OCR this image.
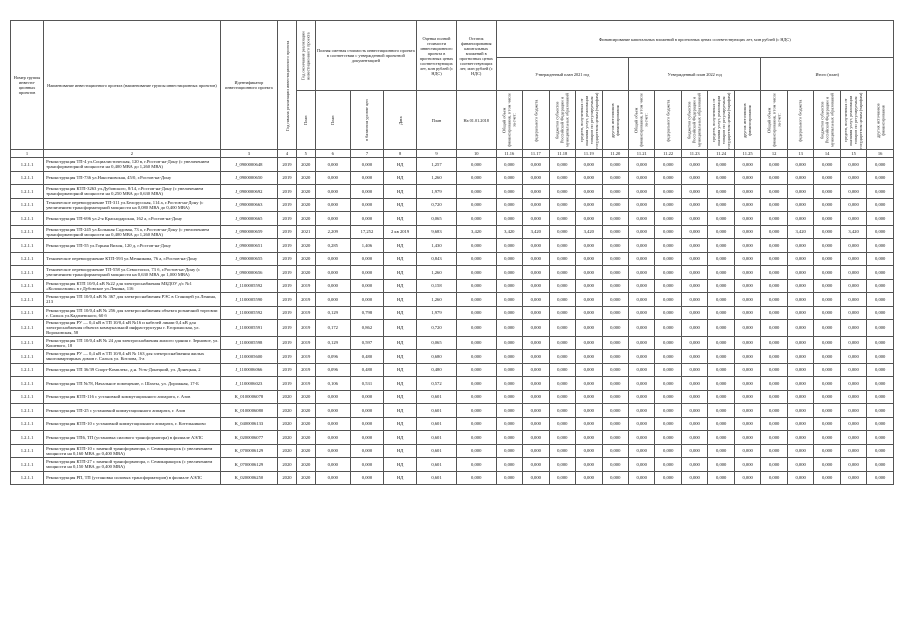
Номер группы инвести-ционных проектов	Наименование инвестиционного проекта (наименование группы инвестиционных проектов)	Идентификатор инвестиционного проекта	Год начала реализации инвестиционного проекта	Год окончания реализации инвестиционного проекта	Полная сметная стоимость инвестиционного проекта в соответствии с утвержденной проектной документацией			Оценка полной стоимости инвестиционного проекта в прогнозных ценах соответствующих лет, млн рублей (с НДС)	Остаток финансирования капитальных вложений в прогнозных ценах соответствующих лет, млн рублей (с НДС)	Финансирование капитальных вложений в прогнозных ценах соответствующих лет, млн рублей (с НДС)														
										Утвержденный план 2021 год					Утвержденный план 2022 год					Итого (план)				
				План	План	в базисном уровне цен	Дата	План	На 01.01.2018	Общий объем финансирования, в том числе за счет:	федерального бюджета	бюджетов субъектов Российской Федерации и муниципальных образований	средств, полученных от оказания услуг, реализации товаров по регулируемым государством ценам (тарифам)	других источников финансирования	Общий объем финансирования, в том числе за счет:	федерального бюджета	бюджетов субъектов Российской Федерации и муниципальных образований	средств, полученных от оказания услуг, реализации товаров по регулируемым государством ценам (тарифам)	других источников финансирования	Общий объем финансирования, в том числе за счет:	федерального бюджета	бюджетов субъектов Российской Федерации и муниципальных образований	средств, полученных от оказания услуг, реализации товаров по регулируемым государством ценам (тарифам)	других источников финансирования
1	2	3	4	5	6	7	8	9	10	11.16	11.17	11.18	11.19	11.20	11.21	11.22	11.23	11.24	11.25	12	13	14	15	16
1.2.1.1	Реконструкция ТП-4 ул.Социалистическая, 120 в, г.Ростов-на-Дону (с увеличением трансформаторной мощности на 0,400 МВА до 1,260 МВА)	J_0900000648	2019	2020	0,000	0,000	НД	1,257	0,000	0,000	0,000	0,000	0,000	0,000	0,000	0,000	0,000	0,000	0,000	0,000	0,000	0,000	0,000	0,000
1.2.1.1	Реконструкция ТП-736 ул.Нансеновская, 45/0, г.Ростов-на-Дону	J_0900000650	2019	2020	0,000	0,000	НД	1,260	0,000	0,000	0,000	0,000	0,000	0,000	0,000	0,000	0,000	0,000	0,000	0,000	0,000	0,000	0,000	0,000
1.2.1.1	Реконструкция КТП-3263 ул.Дубовского, 8/14, г.Ростов-на-Дону (с увеличением трансформаторной мощности на 0,250 МВА до 0,630 МВА)	J_0900000692	2019	2020	0,000	0,000	НД	1,979	0,000	0,000	0,000	0,000	0,000	0,000	0,000	0,000	0,000	0,000	0,000	0,000	0,000	0,000	0,000	0,000
1.2.1.1	Техническое перевооружение ТП-311 ул.Белорусская, 114 а, г.Ростов-на-Дону (с увеличением трансформаторной мощности на 0,080 МВА до 0,400 МВА)	J_0900000663	2019	2020	0,000	0,000	НД	0,720	0,000	0,000	0,000	0,000	0,000	0,000	0,000	0,000	0,000	0,000	0,000	0,000	0,000	0,000	0,000	0,000
1.2.1.1	Реконструкция ТП-696 ул.2-я Краснодарская, 162 а, г.Ростов-на-Дону	J_0900000665	2019	2020	0,000	0,000	НД	0,065	0,000	0,000	0,000	0,000	0,000	0,000	0,000	0,000	0,000	0,000	0,000	0,000	0,000	0,000	0,000	0,000
1.2.1.1	Реконструкция ТП-245 ул.Большая Садовая, 73 а, г.Ростов-на-Дону (с увеличением трансформаторной мощности на 0,400 МВА до 1,260 МВА)	J_0900000659	2019	2021	2,209	17,252	2 кв 2019	9,683	3,420	3,420	3,420	0,000	3,420	0,000	0,000	0,000	0,000	0,000	0,000	0,000	3,420	0,000	3,420	0,000
1.2.1.1	Реконструкция ТП-55 ул.Горная Вихон, 120 д, г.Ростов-на-Дону	J_0900000651	2019	2020	0,285	1,406	НД	1,430	0,000	0,000	0,000	0,000	0,000	0,000	0,000	0,000	0,000	0,000	0,000	0,000	0,000	0,000	0,000	0,000
1.2.1.1	Техническое перевооружение КТП-593 ул.Мечникова, 76 а, г.Ростов-на-Дону	J_0900000655	2019	2020	0,000	0,000	НД	0,843	0,000	0,000	0,000	0,000	0,000	0,000	0,000	0,000	0,000	0,000	0,000	0,000	0,000	0,000	0,000	0,000
1.2.1.1	Техническое перевооружение ТП-558 ул.Севастопол, 73 б, г.Ростов-на-Дону (с увеличением трансформаторной мощности на 0,630 МВА до 1,000 МВА)	J_0900000656	2019	2020	0,000	0,000	НД	1,260	0,000	0,000	0,000	0,000	0,000	0,000	0,000	0,000	0,000	0,000	0,000	0,000	0,000	0,000	0,000	0,000
1.2.1.1	Реконструкция КТП 10/0,4 кВ №22 для электроснабжения МБДОУ д/с №1 «Колокольчик» в г.Дубовское ул.Ленина, 116	J_1100005592	2019	2019	0,000	0,000	НД	0,158	0,000	0,000	0,000	0,000	0,000	0,000	0,000	0,000	0,000	0,000	0,000	0,000	0,000	0,000	0,000	0,000
1.2.1.1	Реконструкция ТП 10/0,4 кВ № 367 для электроснабжения РЭС в Станицей ул.Ленина, 213	J_1100005590	2019	2019	0,000	0,000	НД	1,260	0,000	0,000	0,000	0,000	0,000	0,000	0,000	0,000	0,000	0,000	0,000	0,000	0,000	0,000	0,000	0,000
1.2.1.1	Реконструкция ТП 10/0,4 кВ № 256 для электроснабжения объекта розничной торговли г. Сальск ул.Кадачевского, 60 б	J_1100005592	2019	2019	0,129	0,798	НД	1,979	0,000	0,000	0,000	0,000	0,000	0,000	0,000	0,000	0,000	0,000	0,000	0,000	0,000	0,000	0,000	0,000
1.2.1.1	Реконструкция РУ — 0,4 кВ в ТП 10/0,4 кВ №16 и кабелей линии 0,4 кВ для электроснабжения объекта коммунальной инфраструктуры г. Егорлыкская, ул. Вороновская, 58	J_1100005591	2019	2019	0,172	0,862	НД	0,720	0,000	0,000	0,000	0,000	0,000	0,000	0,000	0,000	0,000	0,000	0,000	0,000	0,000	0,000	0,000	0,000
1.2.1.1	Реконструкция ТП 10/0,4 кВ № 24 для электроснабжения жилого здания г. Зерновое, ул. Кошевого, 18	J_1100005598	2019	2019	0,129	0,597	НД	0,065	0,000	0,000	0,000	0,000	0,000	0,000	0,000	0,000	0,000	0,000	0,000	0,000	0,000	0,000	0,000	0,000
1.2.1.1	Реконструкция РУ — 0,4 кВ в ТП 10/0,4 кВ № 163 для электроснабжения жилых многоквартирных домов г. Сальск ул. Котлова, 3-а	J_1100005600	2019	2019	0,096	0,480	НД	0,680	0,000	0,000	0,000	0,000	0,000	0,000	0,000	0,000	0,000	0,000	0,000	0,000	0,000	0,000	0,000	0,000
1.2.1.1	Реконструкция ТП 36/39 Спорт-Комплекс, д.н. Усть-Донецкий, ул. Донецкая, 2	J_1100006066	2019	2019	0,096	0,480	НД	0,480	0,000	0,000	0,000	0,000	0,000	0,000	0,000	0,000	0,000	0,000	0,000	0,000	0,000	0,000	0,000	0,000
1.2.1.1	Реконструкция ТП №78, Начальное помещение, г. Шахты, ул. Дорожная, 17-Б	J_1100006023	2019	2019	0,106	0,531	НД	0,572	0,000	0,000	0,000	0,000	0,000	0,000	0,000	0,000	0,000	0,000	0,000	0,000	0,000	0,000	0,000	0,000
1.2.1.1	Реконструкция КТП-116 с установкой коммутационного аппарата, г. Азов	K_0100006078	2020	2020	0,000	0,000	НД	0,601	0,000	0,000	0,000	0,000	0,000	0,000	0,000	0,000	0,000	0,000	0,000	0,000	0,000	0,000	0,000	0,000
1.2.1.1	Реконструкция ТП-25 с установкой коммутационного аппарата, г. Азов	K_0100006080	2020	2020	0,000	0,000	НД	0,601	0,000	0,000	0,000	0,000	0,000	0,000	0,000	0,000	0,000	0,000	0,000	0,000	0,000	0,000	0,000	0,000
1.2.1.1	Реконструкция КТП-10 с установкой коммутационного аппарата, г. Котельниково	K_0400006133	2020	2020	0,000	0,000	НД	0,601	0,000	0,000	0,000	0,000	0,000	0,000	0,000	0,000	0,000	0,000	0,000	0,000	0,000	0,000	0,000	0,000
1.2.1.1	Реконструкция ТП6, ТП (установка силового трансформатора) в филиале АЭЛС	K_0200006077	2020	2020	0,000	0,000	НД	0,601	0,000	0,000	0,000	0,000	0,000	0,000	0,000	0,000	0,000	0,000	0,000	0,000	0,000	0,000	0,000	0,000
1.2.1.1	Реконструкция КТП-10 с заменой трансформатора, г. Семикаракорск (с увеличением мощности на 0,160 МВА до 0,400 МВА)	K_0700006129	2020	2020	0,000	0,000	НД	0,601	0,000	0,000	0,000	0,000	0,000	0,000	0,000	0,000	0,000	0,000	0,000	0,000	0,000	0,000	0,000	0,000
1.2.1.1	Реконструкция КТП-27 с заменой трансформатора, г. Семикаракорск (с увеличением мощности на 0,150 МВА до 0,400 МВА)	K_0700006129	2020	2020	0,000	0,000	НД	0,601	0,000	0,000	0,000	0,000	0,000	0,000	0,000	0,000	0,000	0,000	0,000	0,000	0,000	0,000	0,000	0,000
1.2.1.1	Реконструкция РП, ТП (установка силовых трансформаторов) в филиале АЭЛС	K_0200006250	2020	2020	0,000	0,000	НД	0,601	0,000	0,000	0,000	0,000	0,000	0,000	0,000	0,000	0,000	0,000	0,000	0,000	0,000	0,000	0,000	0,000
